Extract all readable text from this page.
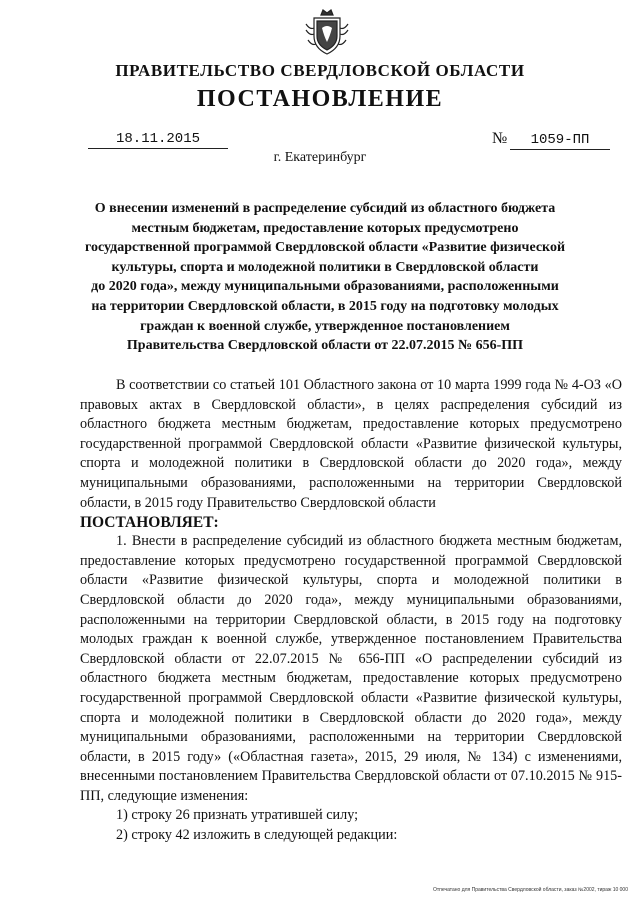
ПРАВИТЕЛЬСТВО СВЕРДЛОВСКОЙ ОБЛАСТИ
ПОСТАНОВЛЕНИЕ
18.11.2015	№	1059-ПП
г. Екатеринбург
О внесении изменений в распределение субсидий из областного бюджета
местным бюджетам, предоставление которых предусмотрено
государственной программой Свердловской области «Развитие физической
культуры, спорта и молодежной политики в Свердловской области
до 2020 года», между муниципальными образованиями, расположенными
на территории Свердловской области, в 2015 году на подготовку молодых
граждан к военной службе, утвержденное постановлением
Правительства Свердловской области от 22.07.2015 № 656-ПП

В соответствии со статьей 101 Областного закона от 10 марта 1999 года № 4-ОЗ «О правовых актах в Свердловской области», в целях распределения субсидий из областного бюджета местным бюджетам, предоставление которых предусмотрено государственной программой Свердловской области «Развитие физической культуры, спорта и молодежной политики в Свердловской области до 2020 года», между муниципальными образованиями, расположенными на территории Свердловской области, в 2015 году Правительство Свердловской области

ПОСТАНОВЛЯЕТ:

1. Внести в распределение субсидий из областного бюджета местным бюджетам, предоставление которых предусмотрено государственной программой Свердловской области «Развитие физической культуры, спорта и молодежной политики в Свердловской области до 2020 года», между муниципальными образованиями, расположенными на территории Свердловской области, в 2015 году на подготовку молодых граждан к военной службе, утвержденное постановлением Правительства Свердловской области от 22.07.2015 № 656-ПП «О распределении субсидий из областного бюджета местным бюджетам, предоставление которых предусмотрено государственной программой Свердловской области «Развитие физической культуры, спорта и молодежной политики в Свердловской области до 2020 года», между муниципальными образованиями, расположенными на территории Свердловской области, в 2015 году» («Областная газета», 2015, 29 июля, № 134) с изменениями, внесенными постановлением Правительства Свердловской области от 07.10.2015 № 915-ПП, следующие изменения:

1) строку 26 признать утратившей силу;

2) строку 42 изложить в следующей редакции:

Отпечатано для Правительства Свердловской области, заказ №2002, тираж 10 000
